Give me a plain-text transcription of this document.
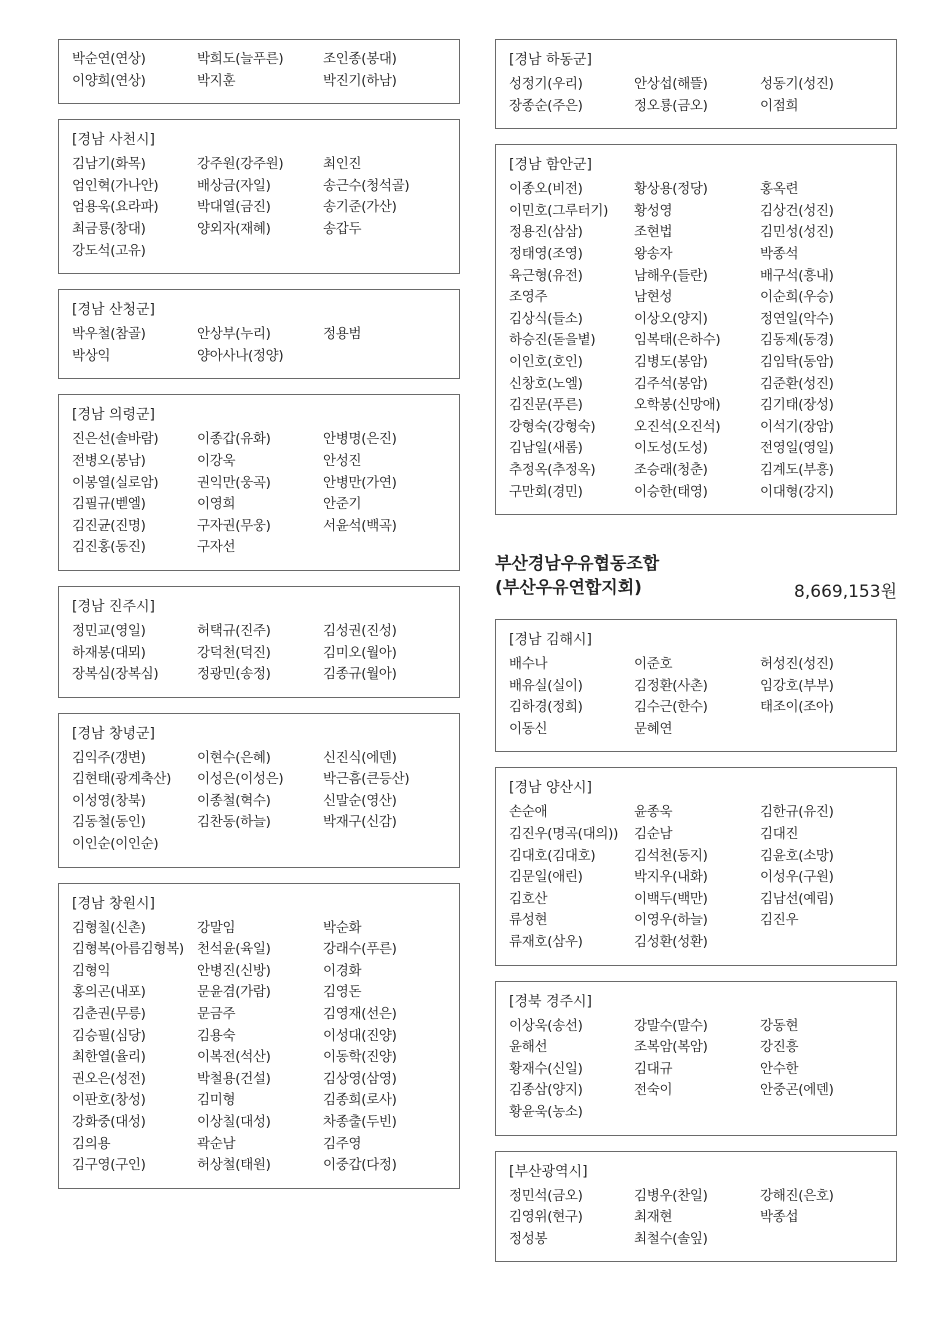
박순연(연상)	박희도(늘푸른)	조인종(봉대)
이양희(연상)	박지훈	박진기(하남)
[경남 사천시]
김남기(화목)	강주원(강주원)	최인진
엄인혁(가나안)	배상금(자일)	송근수(청석골)
엄용욱(요라파)	박대열(금진)	송기준(가산)
최금룡(창대)	양외자(재혜)	송갑두
강도석(고유)
[경남 산청군]
박우철(참골)	안상부(누리)	정용범
박상익	양아사나(정양)
[경남 의령군]
진은선(솔바람)	이종갑(유화)	안병명(은진)
전병오(봉남)	이강욱	안성진
이봉열(실로암)	권익만(웅곡)	안병만(가연)
김필규(벧엘)	이영희	안준기
김진균(진명)	구자권(무웅)	서윤석(백곡)
김진홍(동진)	구자선
[경남 진주시]
정민교(영일)	허택규(진주)	김성권(진성)
하재봉(대뫼)	강덕천(덕진)	김미오(월아)
장복심(장복심)	정광민(송정)	김종규(월아)
[경남 창녕군]
김익주(갱변)	이현수(은혜)	신진식(에덴)
김현태(광계축산)	이성은(이성은)	박근흠(큰등산)
이성영(창북)	이종철(혁수)	신말순(영산)
김동철(동인)	김찬동(하늘)	박재구(신감)
이인순(이인순)
[경남 창원시]
김형칠(신촌)	강말임	박순화
김형복(아름김형복) 천석윤(육일)	강래수(푸른)
김형익	안병진(신방)	이경화
홍의곤(내포)	문윤겸(가람)	김영돈
김춘권(무릉)	문금주	김영재(선은)
김승필(심당)	김용숙	이성대(진양)
최한열(율리)	이복전(석산)	이동학(진양)
권오은(성전)	박철용(건설)	김상영(삼영)
이판호(창성)	김미형	김종희(로사)
강화중(대성)	이상칠(대성)	차종출(두빈)
김의용	곽순남	김주영
김구영(구인)	허상철(태원)	이중갑(다정)
[경남 하동군]
성정기(우리)	안상섭(해뜰)	성동기(성진)
장종순(주은)	정오룡(금오)	이점희
[경남 함안군]
이종오(비전)	황상용(정당)	홍옥련
이민호(그루터기)	황성영	김상건(성진)
정용진(삼삼)	조현법	김민성(성진)
정태영(조영)	왕송자	박종석
육근형(유전)	남해우(들란)	배구석(흥내)
조영주	남현성	이순희(우승)
김상식(들소)	이상오(양지)	정연일(악수)
하승진(돋을볕)	임복태(은하수)	김동제(동경)
이인호(호인)	김병도(봉암)	김임탁(동암)
신창호(노엘)	김주석(봉암)	김준환(성진)
김진문(푸른)	오학봉(신망애)	김기태(장성)
강형숙(강형숙)	오진석(오진석)	이석기(장암)
김남일(새롬)	이도성(도성)	전영일(영일)
추정옥(추정옥)	조승래(청춘)	김계도(부흥)
구만회(경민)	이승한(태영)	이대형(강지)
부산경남우유협동조합
(부산우유연합지회)	8,669,153원
[경남 김해시]
배수나	이준호	허성진(성진)
배유실(실이)	김정환(사촌)	임강호(부부)
김하경(정희)	김수근(한수)	태조이(조아)
이동신	문혜연
[경남 양산시]
손순애	윤종욱	김한규(유진)
김진우(명곡(대의))	김순남	김대진
김대호(김대호)	김석천(동지)	김윤호(소망)
김문일(애린)	박지우(내화)	이성우(구원)
김호산	이백두(백만)	김남선(예림)
류성현	이영우(하늘)	김진우
류재호(삼우)	김성환(성환)
[경북 경주시]
이상욱(송선)	강말수(말수)	강동현
윤해선	조복암(복암)	강진흥
황재수(신일)	김대규	안수한
김종삼(양지)	전숙이	안중곤(에덴)
황윤욱(농소)
[부산광역시]
정민석(금오)	김병우(찬일)	강해진(은호)
김영위(현구)	최재현	박종섭
정성봉	최철수(솔잎)
